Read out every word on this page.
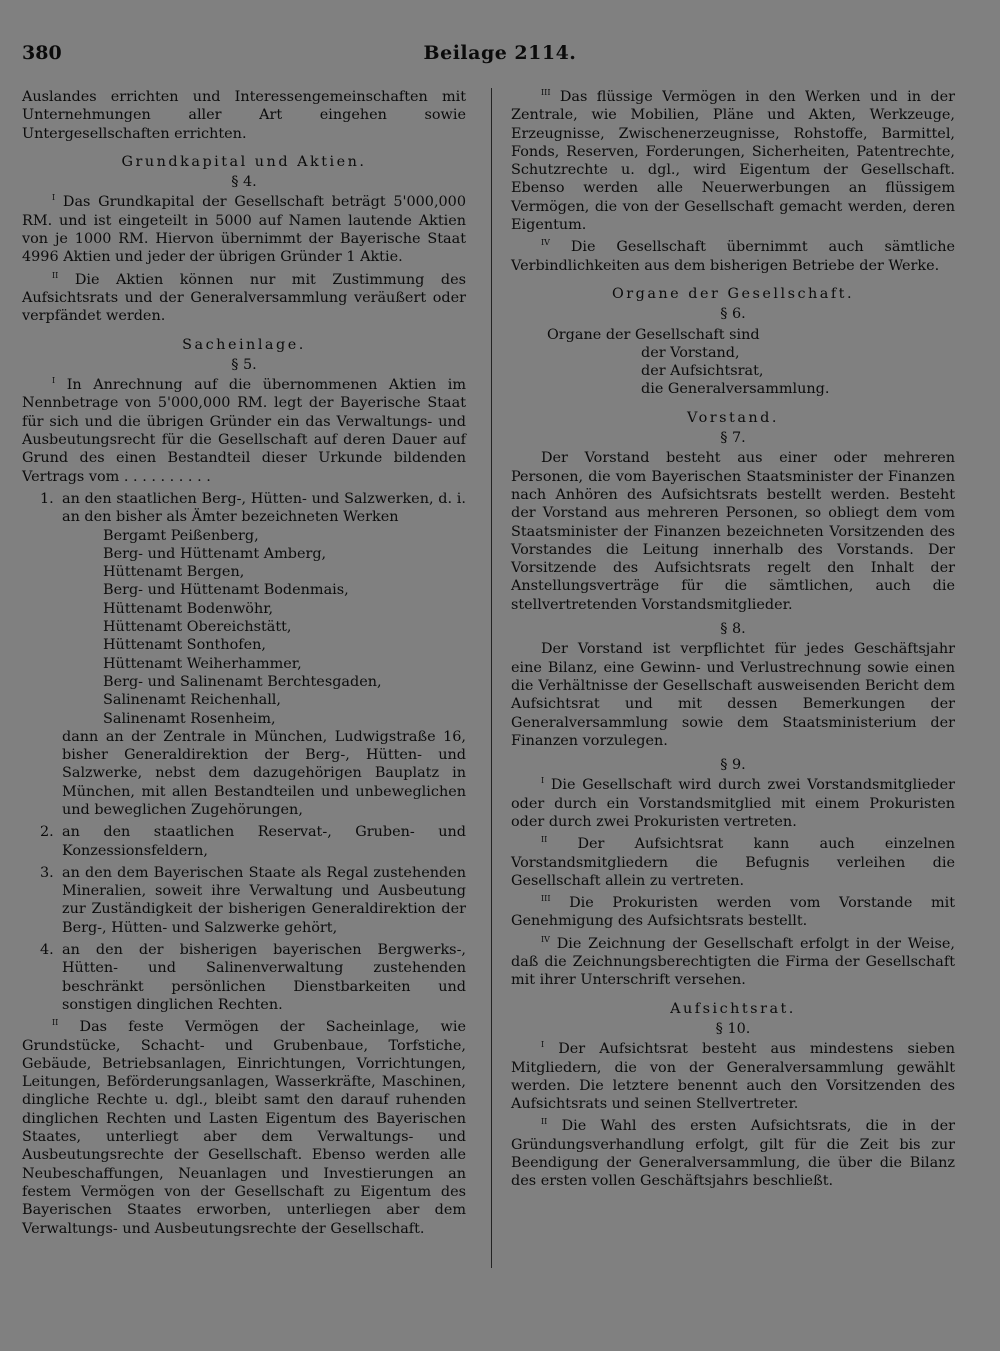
380	Beilage 2114.

Auslandes errichten und Interessengemeinschaften mit Unternehmungen aller Art eingehen sowie Untergesellschaften errichten.

Grundkapital und Aktien.
§ 4.

$^I$ Das Grundkapital der Gesellschaft beträgt 5'000,000 RM. und ist eingeteilt in 5000 auf Namen lautende Aktien von je 1000 RM. Hiervon übernimmt der Bayerische Staat 4996 Aktien und jeder der übrigen Gründer 1 Aktie.

$^{II}$ Die Aktien können nur mit Zustimmung des Aufsichtsrats und der Generalversammlung veräußert oder verpfändet werden.

Sacheinlage.
§ 5.

$^I$ In Anrechnung auf die übernommenen Aktien im Nennbetrage von 5'000,000 RM. legt der Bayerische Staat für sich und die übrigen Gründer ein das Verwaltungs- und Ausbeutungsrecht für die Gesellschaft auf deren Dauer auf Grund des einen Bestandteil dieser Urkunde bildenden Vertrags vom . . . . . . . . . .

1. an den staatlichen Berg-, Hütten- und Salzwerken, d. i. an den bisher als Ämter bezeichneten Werken
Bergamt Peißenberg,
Berg- und Hüttenamt Amberg,
Hüttenamt Bergen,
Berg- und Hüttenamt Bodenmais,
Hüttenamt Bodenwöhr,
Hüttenamt Obereichstätt,
Hüttenamt Sonthofen,
Hüttenamt Weiherhammer,
Berg- und Salinenamt Berchtesgaden,
Salinenamt Reichenhall,
Salinenamt Rosenheim,
dann an der Zentrale in München, Ludwigstraße 16, bisher Generaldirektion der Berg-, Hütten- und Salzwerke, nebst dem dazugehörigen Bauplatz in München, mit allen Bestandteilen und unbeweglichen und beweglichen Zugehörungen,
2. an den staatlichen Reservat-, Gruben- und Konzessionsfeldern,
3. an den dem Bayerischen Staate als Regal zustehenden Mineralien, soweit ihre Verwaltung und Ausbeutung zur Zuständigkeit der bisherigen Generaldirektion der Berg-, Hütten- und Salzwerke gehört,
4. an den der bisherigen bayerischen Bergwerks-, Hütten- und Salinenverwaltung zustehenden beschränkt persönlichen Dienstbarkeiten und sonstigen dinglichen Rechten.

$^{II}$ Das feste Vermögen der Sacheinlage, wie Grundstücke, Schacht- und Grubenbaue, Torfstiche, Gebäude, Betriebsanlagen, Einrichtungen, Vorrichtungen, Leitungen, Beförderungsanlagen, Wasserkräfte, Maschinen, dingliche Rechte u. dgl., bleibt samt den darauf ruhenden dinglichen Rechten und Lasten Eigentum des Bayerischen Staates, unterliegt aber dem Verwaltungs- und Ausbeutungsrechte der Gesellschaft. Ebenso werden alle Neubeschaffungen, Neuanlagen und Investierungen an festem Vermögen von der Gesellschaft zu Eigentum des Bayerischen Staates erworben, unterliegen aber dem Verwaltungs- und Ausbeutungsrechte der Gesellschaft.

$^{III}$ Das flüssige Vermögen in den Werken und in der Zentrale, wie Mobilien, Pläne und Akten, Werkzeuge, Erzeugnisse, Zwischenerzeugnisse, Rohstoffe, Barmittel, Fonds, Reserven, Forderungen, Sicherheiten, Patentrechte, Schutzrechte u. dgl., wird Eigentum der Gesellschaft. Ebenso werden alle Neuerwerbungen an flüssigem Vermögen, die von der Gesellschaft gemacht werden, deren Eigentum.

$^{IV}$ Die Gesellschaft übernimmt auch sämtliche Verbindlichkeiten aus dem bisherigen Betriebe der Werke.

Organe der Gesellschaft.
§ 6.

Organe der Gesellschaft sind

der Vorstand,
der Aufsichtsrat,
die Generalversammlung.
Vorstand.
§ 7.

Der Vorstand besteht aus einer oder mehreren Personen, die vom Bayerischen Staatsminister der Finanzen nach Anhören des Aufsichtsrats bestellt werden. Besteht der Vorstand aus mehreren Personen, so obliegt dem vom Staatsminister der Finanzen bezeichneten Vorsitzenden des Vorstandes die Leitung innerhalb des Vorstands. Der Vorsitzende des Aufsichtsrats regelt den Inhalt der Anstellungsverträge für die sämtlichen, auch die stellvertretenden Vorstandsmitglieder.

§ 8.

Der Vorstand ist verpflichtet für jedes Geschäftsjahr eine Bilanz, eine Gewinn- und Verlustrechnung sowie einen die Verhältnisse der Gesellschaft ausweisenden Bericht dem Aufsichtsrat und mit dessen Bemerkungen der Generalversammlung sowie dem Staatsministerium der Finanzen vorzulegen.

§ 9.

$^I$ Die Gesellschaft wird durch zwei Vorstandsmitglieder oder durch ein Vorstandsmitglied mit einem Prokuristen oder durch zwei Prokuristen vertreten.

$^{II}$ Der Aufsichtsrat kann auch einzelnen Vorstandsmitgliedern die Befugnis verleihen die Gesellschaft allein zu vertreten.

$^{III}$ Die Prokuristen werden vom Vorstande mit Genehmigung des Aufsichtsrats bestellt.

$^{IV}$ Die Zeichnung der Gesellschaft erfolgt in der Weise, daß die Zeichnungsberechtigten die Firma der Gesellschaft mit ihrer Unterschrift versehen.

Aufsichtsrat.
§ 10.

$^I$ Der Aufsichtsrat besteht aus mindestens sieben Mitgliedern, die von der Generalversammlung gewählt werden. Die letztere benennt auch den Vorsitzenden des Aufsichtsrats und seinen Stellvertreter.

$^{II}$ Die Wahl des ersten Aufsichtsrats, die in der Gründungsverhandlung erfolgt, gilt für die Zeit bis zur Beendigung der Generalversammlung, die über die Bilanz des ersten vollen Geschäftsjahrs beschließt.
